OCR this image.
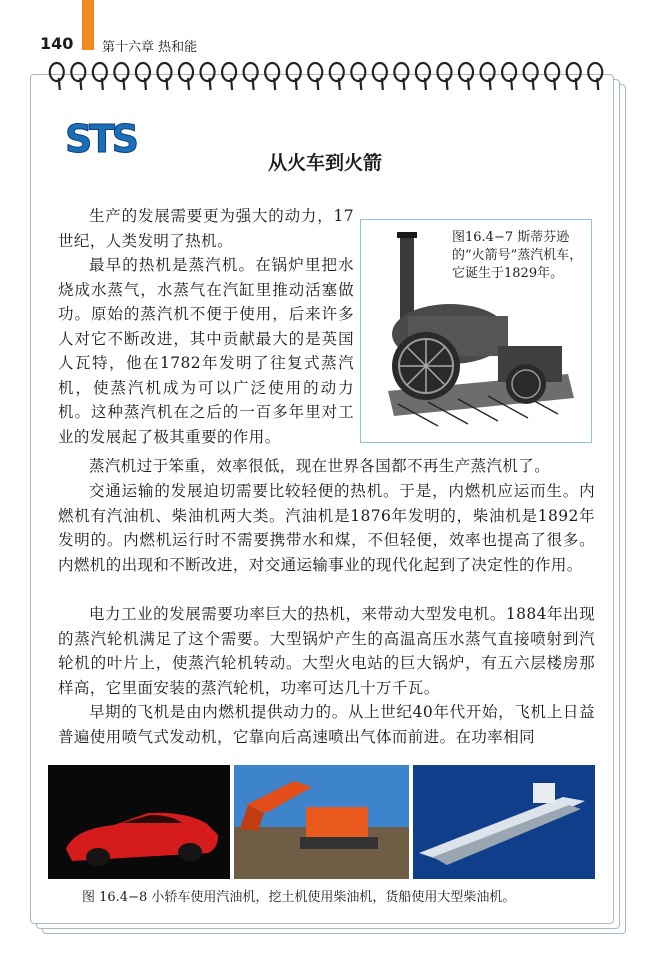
140 第十六章 热和能
STS
从火车到火箭
生产的发展需要更为强大的动力，17世纪，人类发明了热机。
最早的热机是蒸汽机。在锅炉里把水烧成水蒸气，水蒸气在汽缸里推动活塞做功。原始的蒸汽机不便于使用，后来许多人对它不断改进，其中贡献最大的是英国人瓦特，他在1782年发明了往复式蒸汽机，使蒸汽机成为可以广泛使用的动力机。这种蒸汽机在之后的一百多年里对工业的发展起了极其重要的作用。
蒸汽机过于笨重，效率很低，现在世界各国都不再生产蒸汽机了。
交通运输的发展迫切需要比较轻便的热机。于是，内燃机应运而生。内燃机有汽油机、柴油机两大类。汽油机是1876年发明的，柴油机是1892年发明的。内燃机运行时不需要携带水和煤，不但轻便，效率也提高了很多。内燃机的出现和不断改进，对交通运输事业的现代化起到了决定性的作用。
电力工业的发展需要功率巨大的热机，来带动大型发电机。1884年出现的蒸汽轮机满足了这个需要。大型锅炉产生的高温高压水蒸气直接喷射到汽轮机的叶片上，使蒸汽轮机转动。大型火电站的巨大锅炉，有五六层楼房那样高，它里面安装的蒸汽轮机，功率可达几十万千瓦。
早期的飞机是由内燃机提供动力的。从上世纪40年代开始，飞机上日益普遍使用喷气式发动机，它靠向后高速喷出气体而前进。在功率相同
图16.4−7 斯蒂芬逊的“火箭号”蒸汽机车，它诞生于1829年。
图 16.4−8 小轿车使用汽油机，挖土机使用柴油机，货船使用大型柴油机。
